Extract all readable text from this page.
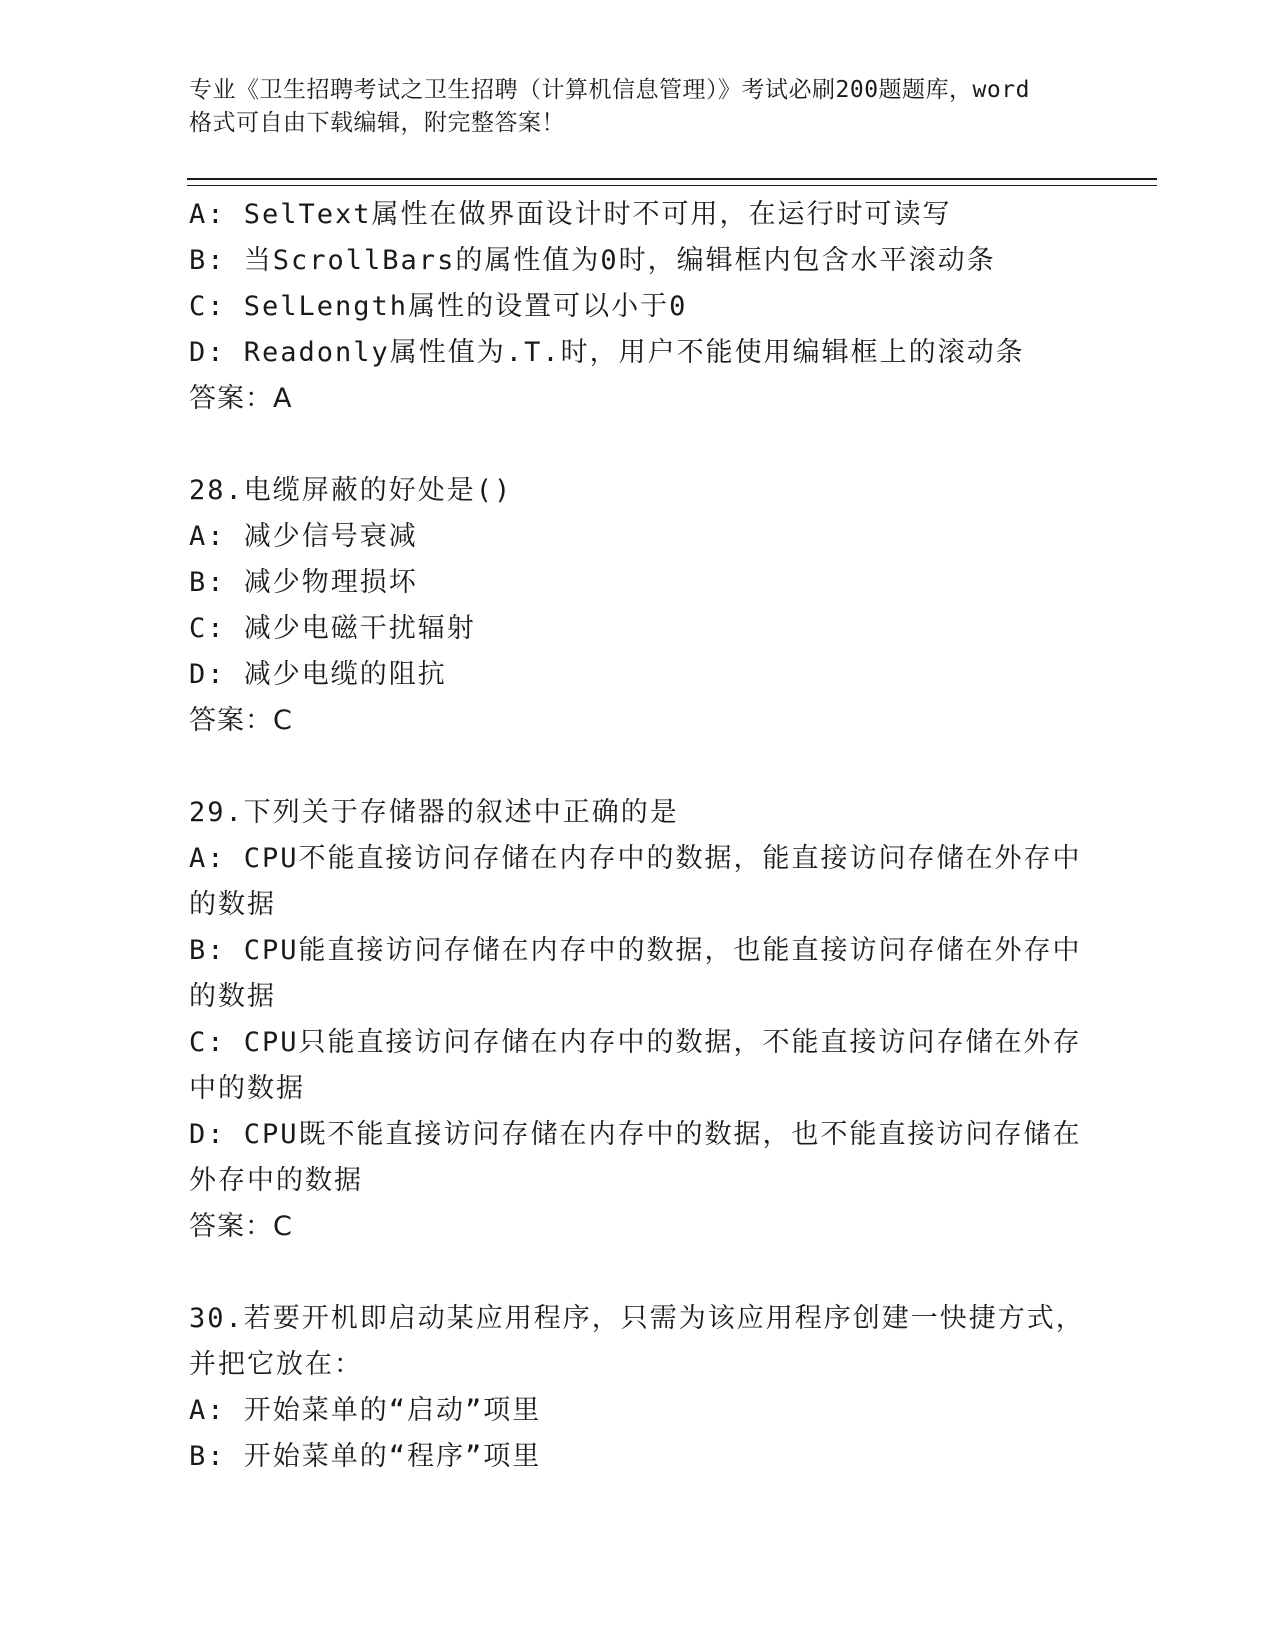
专业《卫生招聘考试之卫生招聘（计算机信息管理）》考试必刷200题题库，word
格式可自由下载编辑，附完整答案！
A: SelText属性在做界面设计时不可用，在运行时可读写
B: 当ScrollBars的属性值为0时，编辑框内包含水平滚动条
C: SelLength属性的设置可以小于0
D: Readonly属性值为.T.时，用户不能使用编辑框上的滚动条
答案：A
28.电缆屏蔽的好处是()
A: 减少信号衰减
B: 减少物理损坏
C: 减少电磁干扰辐射
D: 减少电缆的阻抗
答案：C
29.下列关于存储器的叙述中正确的是
A: CPU不能直接访问存储在内存中的数据，能直接访问存储在外存中
的数据
B: CPU能直接访问存储在内存中的数据，也能直接访问存储在外存中
的数据
C: CPU只能直接访问存储在内存中的数据，不能直接访问存储在外存
中的数据
D: CPU既不能直接访问存储在内存中的数据，也不能直接访问存储在
外存中的数据
答案：C
30.若要开机即启动某应用程序，只需为该应用程序创建一快捷方式，
并把它放在：
A: 开始菜单的“启动”项里
B: 开始菜单的“程序”项里
